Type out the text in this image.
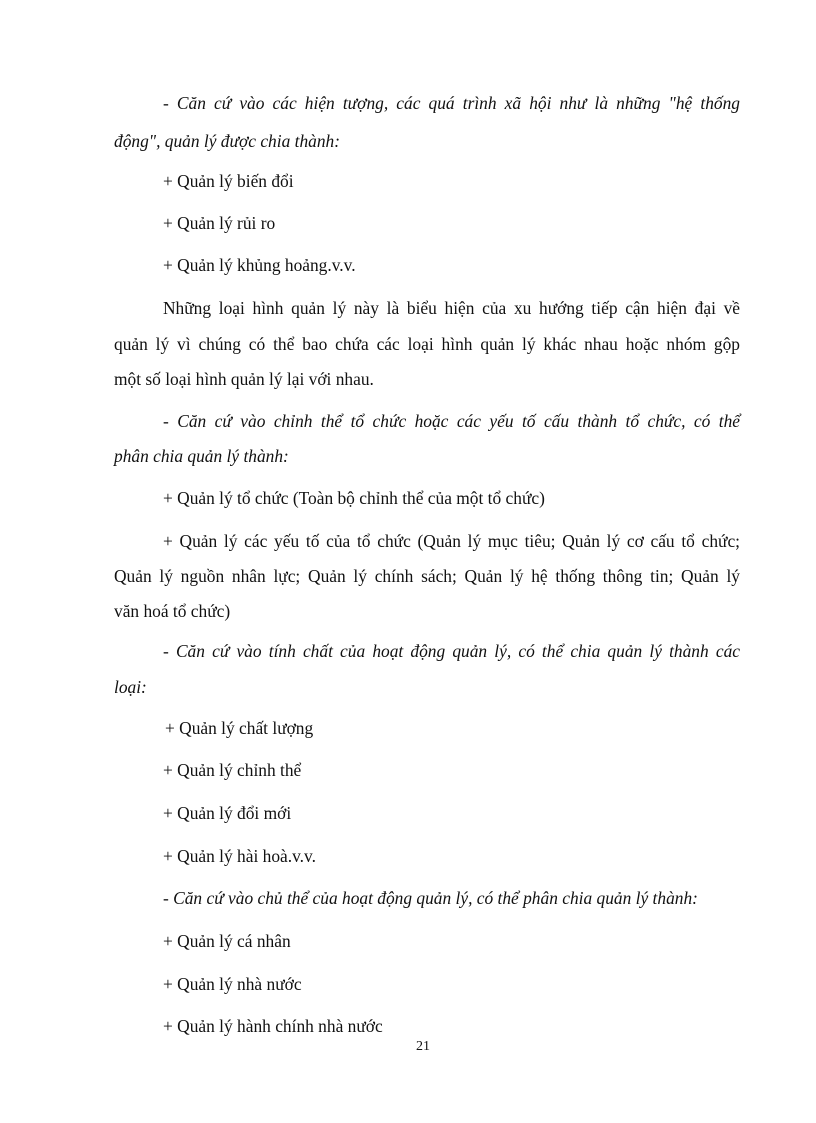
- Căn cứ vào các hiện tượng, các quá trình xã hội như là những "hệ thống
động", quản lý được chia thành:
+ Quản lý biến đổi
+ Quản lý rủi ro
+ Quản lý khủng hoảng.v.v.
Những loại hình quản lý này là biểu hiện của xu hướng tiếp cận hiện đại về
quản lý vì chúng có thể bao chứa các loại hình quản lý khác nhau hoặc nhóm gộp
một số loại hình quản lý lại với nhau.
- Căn cứ vào chỉnh thể tổ chức hoặc các yếu tố cấu thành tổ chức, có thể
phân chia quản lý thành:
+ Quản lý tổ chức (Toàn bộ chỉnh thể của một tổ chức)
+ Quản lý các yếu tố của tổ chức (Quản lý mục tiêu; Quản lý cơ cấu tổ chức;
Quản lý nguồn nhân lực; Quản lý chính sách; Quản lý hệ thống thông tin; Quản lý
văn hoá tổ chức)
- Căn cứ vào tính chất của hoạt động quản lý, có thể chia quản lý thành các
loại:
+ Quản lý chất lượng
+ Quản lý chỉnh thể
+ Quản lý đổi mới
+ Quản lý hài hoà.v.v.
- Căn cứ vào chủ thể của hoạt động quản lý, có thể phân chia quản lý thành:
+ Quản lý cá nhân
+ Quản lý nhà nước
+ Quản lý hành chính nhà nước
21
